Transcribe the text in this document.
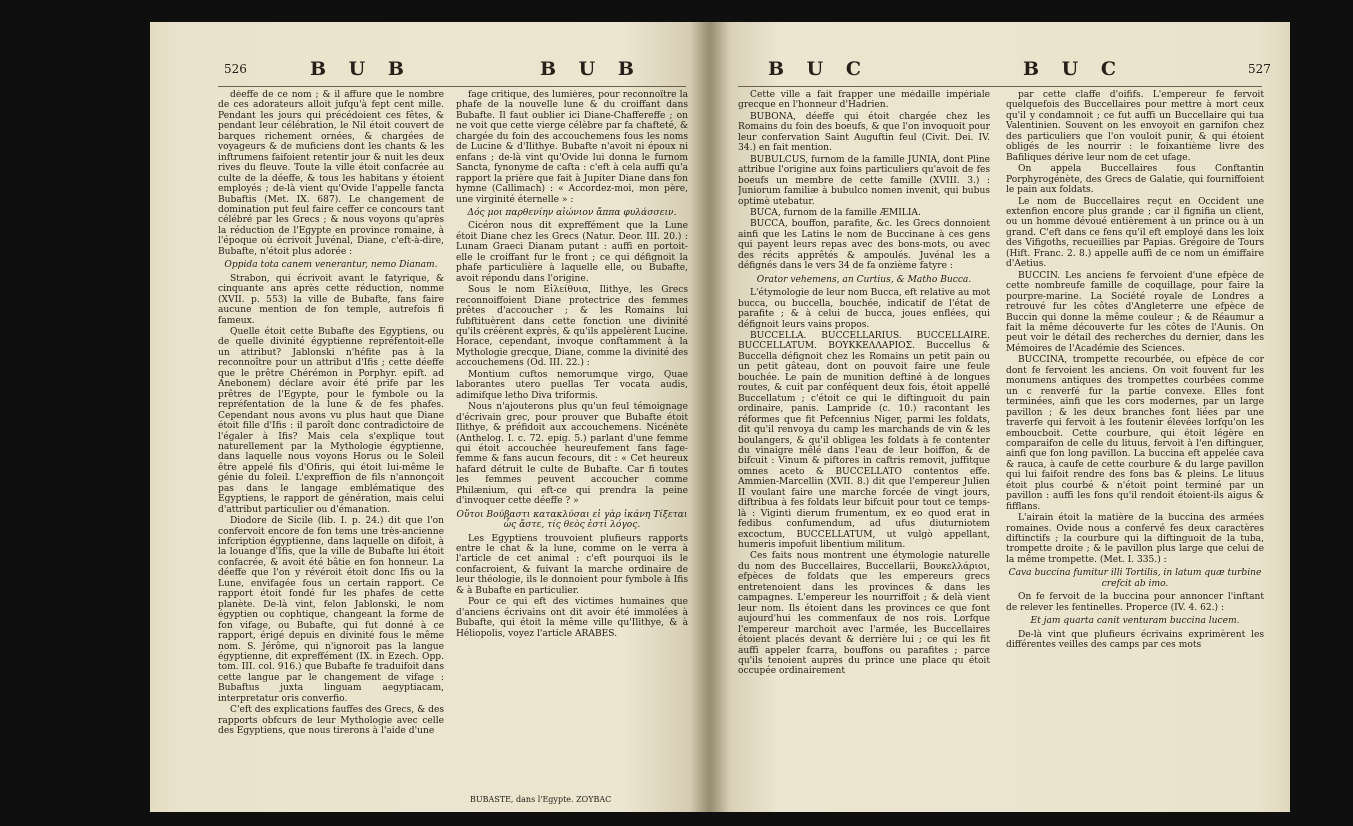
526	B U B	B U B

déeffe de ce nom ; & il affure que le nombre de ces adorateurs alloit jufqu'à fept cent mille. Pendant les jours qui précédoient ces fêtes, & pendant leur célébration, le Nil étoit couvert de barques richement ornées, & chargées de voyageurs & de muficiens dont les chants & les inftrumens faifoient retentir jour & nuit les deux rives du fleuve. Toute la ville étoit confacrée au culte de la déeffe, & tous les habitans y étoient employés ; de-là vient qu'Ovide l'appelle fancta Bubaftis (Met. IX. 687). Le changement de domination put feul faire ceffer ce concours tant célébré par les Grecs ; & nous voyons qu'après la réduction de l'Egypte en province romaine, à l'époque où écrivoit Juvénal, Diane, c'eft-à-dire, Bubafte, n'étoit plus adorée :

Oppida tota canem venerantur, nemo Dianam.

Strabon, qui écrivoit avant le fatyrique, & cinquante ans après cette réduction, nomme (XVII. p. 553) la ville de Bubafte, fans faire aucune mention de fon temple, autrefois fi fameux.

Quelle étoit cette Bubafte des Egyptiens, ou de quelle divinité égyptienne repréfentoit-elle un attribut? Jablonski n'héfite pas à la reconnoître pour un attribut d'Ifis ; cette déeffe que le prêtre Chérémon in Porphyr. epift. ad Anebonem) déclare avoir été prife par les prêtres de l'Egypte, pour le fymbole ou la repréfentation de la lune & de fes phafes. Cependant nous avons vu plus haut que Diane étoit fille d'Ifis : il paroît donc contradictoire de l'égaler à Ifis? Mais cela s'explique tout naturellement par la Mythologie égyptienne, dans laquelle nous voyons Horus ou le Soleil être appelé fils d'Ofiris, qui étoit lui-même le génie du foleil. L'expreffion de fils n'annonçoit pas dans le langage emblématique des Egyptiens, le rapport de génération, mais celui d'attribut particulier ou d'émanation.

Diodore de Sicile (lib. I. p. 24.) dit que l'on confervoit encore de fon tems une très-ancienne infcription égyptienne, dans laquelle on difoit, à la louange d'Ifis, que la ville de Bubafte lui étoit confacrée, & avoit été bâtie en fon honneur. La déeffe que l'on y révéroit étoit donc Ifis ou la Lune, envifagée fous un certain rapport. Ce rapport étoit fondé fur les phafes de cette planète. De-là vint, felon Jablonski, le nom égyptien ou cophtique, changeant la forme de fon vifage, ou Bubafte, qui fut donné à ce rapport, érigé depuis en divinité fous le même nom. S. Jérôme, qui n'ignoroit pas la langue égyptienne, dit expreffément (IX. in Ezech. Opp. tom. III. col. 916.) que Bubafte fe traduifoit dans cette langue par le changement de vifage : Bubaftus juxta linguam aegyptiacam, interpretatur oris converfio.

C'eft des explications fauffes des Grecs, & des rapports obfcurs de leur Mythologie avec celle des Egyptiens, que nous tirerons à l'aide d'une

fage critique, des lumières, pour reconnoître la phafe de la nouvelle lune & du croiffant dans Bubafte. Il faut oublier ici Diane-Chaffereffe ; on ne voit que cette vierge célèbre par fa chafteté, & chargée du foin des accouchemens fous les noms de Lucine & d'Ilithye. Bubafte n'avoit ni époux ni enfans ; de-là vint qu'Ovide lui donna le furnom Sancta, fynonyme de cafta : c'eft à cela auffi qu'a rapport la prière que fait à Jupiter Diane dans fon hymne (Callimach) : « Accordez-moi, mon père, une virginité éternelle » :

Δός μοι παρθενίην αἰώνιον ἄππα φυλάσσειν.

Cicéron nous dit expreffément que la Lune étoit Diane chez les Grecs (Natur. Deor. III. 20.) : Lunam Graeci Dianam putant : auffi en portoit-elle le croiffant fur le front ; ce qui défignoit la phafe particulière à laquelle elle, ou Bubafte, avoit répondu dans l'origine.

Sous le nom Εἰλείθυια, Ilithye, les Grecs reconnoiffoient Diane protectrice des femmes prêtes d'accoucher ; & les Romains lui fubftituèrent dans cette fonction une divinité qu'ils créèrent exprès, & qu'ils appelèrent Lucine. Horace, cependant, invoque conftamment à la Mythologie grecque, Diane, comme la divinité des accouchemens (Od. III. 22.) :

Montium cuftos nemorumque virgo, Quae laborantes utero puellas Ter vocata audis, adimifque letho Diva triformis.

Nous n'ajouterons plus qu'un feul témoignage d'écrivain grec, pour prouver que Bubafte étoit Ilithye, & préfidoit aux accouchemens. Nicénète (Anthelog. I. c. 72. epig. 5.) parlant d'une femme qui étoit accouchée heureufement fans fage-femme & fans aucun fecours, dit : « Cet heureux hafard détruit le culte de Bubafte. Car fi toutes les femmes peuvent accoucher comme Philænium, qui eft-ce qui prendra la peine d'invoquer cette déeffe ? »

Οὔτοι Βούβαστι κατακλύσαι εἰ γὰρ ἰκάνη Τίξεται ὧς ἄστε, τίς θεὸς ἐστὶ λόγος.

Les Egyptiens trouvoient plufieurs rapports entre le chat & la lune, comme on le verra à l'article de cet animal : c'eft pourquoi ils le confacroient, & fuivant la marche ordinaire de leur théologie, ils le donnoient pour fymbole à Ifis & à Bubafte en particulier.

Pour ce qui eft des victimes humaines que d'anciens écrivains ont dit avoir été immolées à Bubafte, qui étoit la même ville qu'Ilithye, & à Héliopolis, voyez l'article ARABES.

BUBASTE, dans l'Egypte. ZOYBAC
B U C	B U C	527

Cette ville a fait frapper une médaille impériale grecque en l'honneur d'Hadrien.

BUBONA, déeffe qui étoit chargée chez les Romains du foin des boeufs, & que l'on invoquoit pour leur confervation Saint Auguftin feul (Civit. Dei. IV. 34.) en fait mention.

BUBULCUS, furnom de la famille JUNIA, dont Pline attribue l'origine aux foins particuliers qu'avoit de fes boeufs un membre de cette famille (XVIII. 3.) : Juniorum familiæ à bubulco nomen invenit, qui bubus optimè utebatur.

BUCA, furnom de la famille ÆMILIA.

BUCCA, bouffon, parafite, &c. les Grecs donnoient ainfi que les Latins le nom de Buccinane à ces gens qui payent leurs repas avec des bons-mots, ou avec des récits apprêtés & ampoulés. Juvénal les a défignés dans le vers 34 de fa onzième fatyre :

Orator vehemens, an Curtius, & Matho Bucca.

L'étymologie de leur nom Bucca, eft relative au mot bucca, ou buccella, bouchée, indicatif de l'état de parafite ; & à celui de bucca, joues enflées, qui défignoit leurs vains propos.

BUCCELLA. BUCCELLARIUS. BUCCELLAIRE. BUCCELLATUM. BOYKKEΛΛAΡΙΟΣ. Buccellus & Buccella défignoit chez les Romains un petit pain ou un petit gâteau, dont on pouvoit faire une feule bouchée. Le pain de munition deftiné à de longues routes, & cuit par conféquent deux fois, étoit appellé Buccellatum ; c'étoit ce qui le diftinguoit du pain ordinaire, panis. Lampride (c. 10.) racontant les réformes que fit Pefcennius Niger, parmi les foldats, dit qu'il renvoya du camp les marchands de vin & les boulangers, & qu'il obligea les foldats à fe contenter du vinaigre mêlé dans l'eau de leur boiffon, & de bifcuit : Vinum & piftores in caftris removit, juffitque omnes aceto & BUCCELLATO contentos effe. Ammien-Marcellin (XVII. 8.) dit que l'empereur Julien II voulant faire une marche forcée de vingt jours, diftribua à fes foldats leur bifcuit pour tout ce temps-là : Viginti dierum frumentum, ex eo quod erat in fedibus confumendum, ad ufus diuturniotem excoctum, BUCCELLATUM, ut vulgò appellant, humeris impofuit libentium militum.

Ces faits nous montrent une étymologie naturelle du nom des Buccellaires, Buccellarii, Βουκελλάριοι, efpèces de foldats que les empereurs grecs entretenoient dans les provinces & dans les campagnes. L'empereur les nourriffoit ; & delà vient leur nom. Ils étoient dans les provinces ce que font aujourd'hui les commenfaux de nos rois. Lorfque l'empereur marchoit avec l'armée, les Buccellaires étoient placés devant & derrière lui ; ce qui les fit auffi appeler fcarra, bouffons ou parafites ; parce qu'ils tenoient auprès du prince une place qu étoit occupée ordinairement

par cette claffe d'oififs. L'empereur fe fervoit quelquefois des Buccellaires pour mettre à mort ceux qu'il y condamnoit ; ce fut auffi un Buccellaire qui tua Valentinien. Souvent on les envoyoit en garnifon chez des particuliers que l'on vouloit punir, & qui étoient obligés de les nourrir : le foixantième livre des Bafiliques dérive leur nom de cet ufage.

On appela Buccellaires fous Conftantin Porphyrogénète, des Grecs de Galatie, qui fourniffoient le pain aux foldats.

Le nom de Buccellaires reçut en Occident une extenfion encore plus grande ; car il fignifia un client, ou un homme dévoué entièrement à un prince ou à un grand. C'eft dans ce fens qu'il eft employé dans les loix des Vifigoths, recueillies par Papias. Grégoire de Tours (Hift. Franc. 2. 8.) appelle auffi de ce nom un émiffaire d'Aetius.

BUCCIN. Les anciens fe fervoient d'une efpèce de cette nombreufe famille de coquillage, pour faire la pourpre-marine. La Société royale de Londres a retrouvé fur les côtes d'Angleterre une efpèce de Buccin qui donne la même couleur ; & de Réaumur a fait la même découverte fur les côtes de l'Aunis. On peut voir le détail des recherches du dernier, dans les Mémoires de l'Académie des Sciences.

BUCCINA, trompette recourbée, ou efpèce de cor dont fe fervoient les anciens. On voit fouvent fur les monumens antiques des trompettes courbées comme un c renverfé fur la partie convexe. Elles font terminées, ainfi que les cors modernes, par un large pavillon ; & les deux branches font liées par une traverfe qui fervoit à les foutenir élevées lorfqu'on les emboucboit. Cette courbure, qui étoit légère en comparaifon de celle du lituus, fervoit à l'en diftinguer, ainfi que fon long pavillon. La buccina eft appelée cava & rauca, à caufe de cette courbure & du large pavillon qui lui faifoit rendre des fons bas & pleins. Le lituus étoit plus courbé & n'étoit point terminé par un pavillon : auffi les fons qu'il rendoit étoient-ils aigus & fifflans.

L'airain étoit la matière de la buccina des armées romaines. Ovide nous a confervé fes deux caractères diftinctifs ; la courbure qui la diftinguoit de la tuba, trompette droite ; & le pavillon plus large que celui de la même trompette. (Met. I. 335.) :

Cava buccina fumitur illi Tortilis, in latum quæ turbine crefcit ab imo.

On fe fervoit de la buccina pour annoncer l'inftant de relever les fentinelles. Properce (IV. 4. 62.) :

Et jam quarta canit venturam buccina lucem.

De-là vint que plufieurs écrivains exprimèrent les différentes veilles des camps par ces mots
